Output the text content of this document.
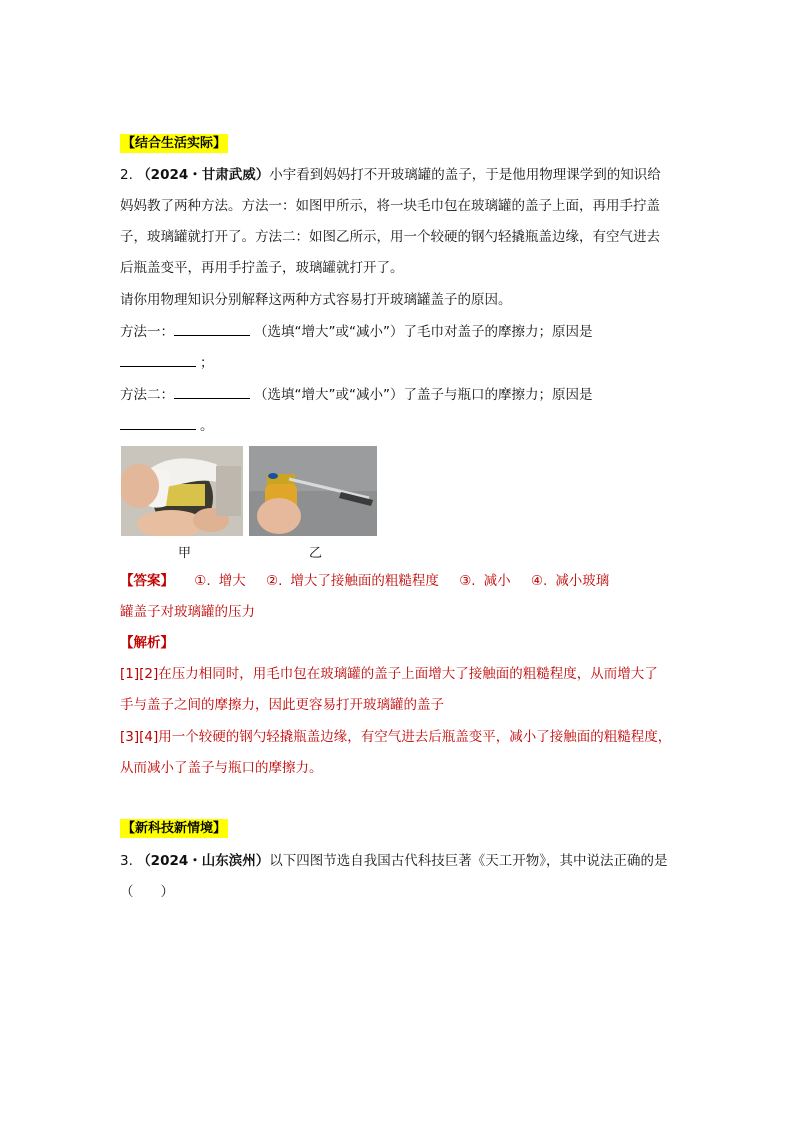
【结合生活实际】
2. （2024・甘肃武威）小宇看到妈妈打不开玻璃罐的盖子，于是他用物理课学到的知识给
妈妈教了两种方法。方法一：如图甲所示，将一块毛巾包在玻璃罐的盖子上面，再用手拧盖
子，玻璃罐就打开了。方法二：如图乙所示，用一个较硬的钢勺轻撬瓶盖边缘，有空气进去
后瓶盖变平，再用手拧盖子，玻璃罐就打开了。
请你用物理知识分别解释这两种方式容易打开玻璃罐盖子的原因。
方法一：	（选填“增大”或“减小”）了毛巾对盖子的摩擦力；原因是
；
方法二：	（选填“增大”或“减小”）了盖子与瓶口的摩擦力；原因是
。
甲	乙
【答案】 ①. 增大 ②. 增大了接触面的粗糙程度 ③. 减小 ④. 减小玻璃
罐盖子对玻璃罐的压力
【解析】
[1][2]在压力相同时，用毛巾包在玻璃罐的盖子上面增大了接触面的粗糙程度，从而增大了
手与盖子之间的摩擦力，因此更容易打开玻璃罐的盖子
[3][4]用一个较硬的钢勺轻撬瓶盖边缘，有空气进去后瓶盖变平，减小了接触面的粗糙程度，
从而减小了盖子与瓶口的摩擦力。
【新科技新情境】
3. （2024・山东滨州）以下四图节选自我国古代科技巨著《天工开物》，其中说法正确的是
（　　）
